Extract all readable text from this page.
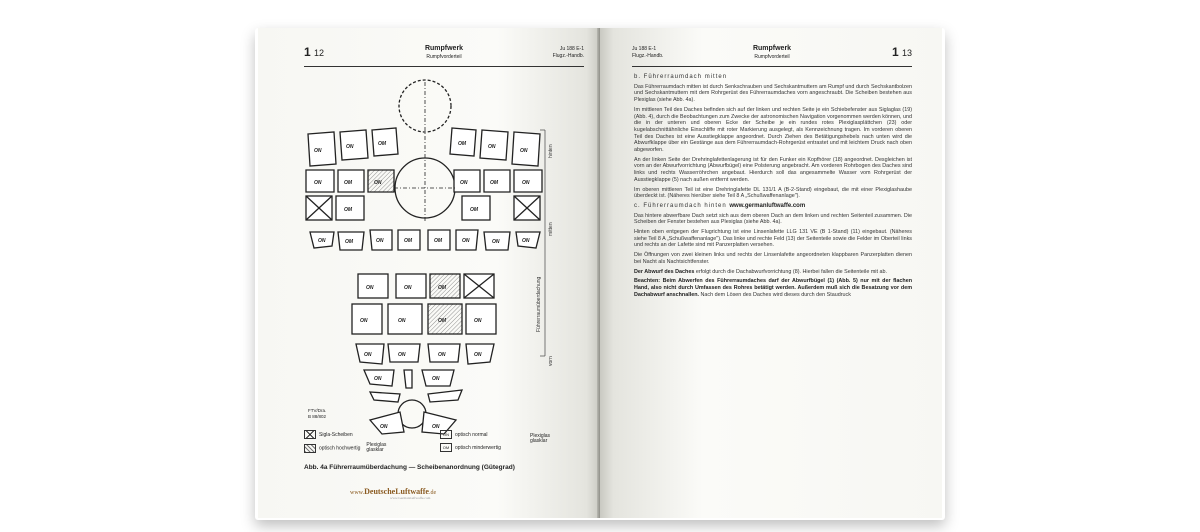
1 12	Rumpfwerk
Rumpfvorderteil
Ju 188 E-1
Flugz.-Handb.
ON
ON	OM	OM	ON
ON
ON	OM	ON	ON	OM	ON
OM	OM
ON	OM	ON	OM	OM	ON	ON	ON
ON	ON	OM
ON	ON	OM	ON
ON	ON	ON	ON
ON	ON
ON	ON
hinten
mitten
Führerraumüberdachung
vorn
FTV/Dra.
B 88/802
Sigla-Scheiben
optisch hochwertigPlexiglas glasklar
ON optisch normal
OM optisch minderwertig
Plexiglas glasklar
Abb. 4a Führerraumüberdachung — Scheibenanordnung (Gütegrad)
www.DeutscheLuftwaffe.de
www.GermanLuftwaffe.com
Ju 188 E-1
Flugz.-Handb.
Rumpfwerk
Rumpfvorderteil	1 13
b. Führerraumdach mitten

Das Führerraumdach mitten ist durch Senkschrauben und Sechskantmuttern am Rumpf und durch Sechskantbolzen und Sechskantmuttern mit dem Rohrgerüst des Führerraumdaches vorn angeschraubt. Die Scheiben bestehen aus Plexiglas (siehe Abb. 4a).

Im mittleren Teil des Daches befinden sich auf der linken und rechten Seite je ein Schiebefenster aus Siglaglas (19) (Abb. 4), durch die Beobachtungen zum Zwecke der astronomischen Navigation vorgenommen werden können, und die in der unteren und oberen Ecke der Scheibe je ein rundes rotes Plexiglasplättchen (23) oder kugelabschnittähnliche Einschliffe mit roter Markierung ausgelegt, als Kennzeichnung tragen. Im vorderen oberen Teil des Daches ist eine Ausstiegklappe angeordnet. Durch Ziehen des Betätigungshebels nach unten wird die Abwurfklappe über ein Gestänge aus dem Führerraumdach-Rohrgerüst entrastet und mit leichtem Druck nach oben abgeworfen.

An der linken Seite der Drehringlafettenlagerung ist für den Funker ein Kopfhörer (18) angeordnet. Desgleichen ist vorn an der Abwurfvorrichtung (Abwurfbügel) eine Polsterung angebracht. Am vorderen Rohrbogen des Daches sind links und rechts Wasserröhrchen angebaut. Hierdurch soll das angesammelte Wasser vom Rohrgerüst der Ausstiegklappe (5) nach außen entfernt werden.

Im oberen mittleren Teil ist eine Drehringlafette DL 131/1 A (B-2-Stand) eingebaut, die mit einer Plexiglashaube überdeckt ist. (Näheres hierüber siehe Teil 8 A „Schußwaffenanlage").

c. Führerraumdach hinten www.germanluftwaffe.com

Das hintere abwerfbare Dach setzt sich aus dem oberen Dach an dem linken und rechten Seitenteil zusammen. Die Scheiben der Fenster bestehen aus Plexiglas (siehe Abb. 4a).

Hinten oben entgegen der Flugrichtung ist eine Linsenlafette LLG 131 VE (B 1-Stand) (11) eingebaut. (Näheres siehe Teil 8 A „Schußwaffenanlage"). Das linke und rechte Feld (13) der Seitenteile sowie die Felder im Oberteil links und rechts an der Lafette sind mit Panzerplatten versehen.

Die Öffnungen von zwei kleinen links und rechts der Linsenlafette angeordneten klappbaren Panzerplatten dienen bei Nacht als Nachtsichtfenster.

Der Abwurf des Daches erfolgt durch die Dachabwurfvorrichtung (8). Hierbei fallen die Seitenteile mit ab.

Beachten: Beim Abwerfen des Führerraumdaches darf der Abwurfbügel (1) (Abb. 5) nur mit der flachen Hand, also nicht durch Umfassen des Rohres betätigt werden. Außerdem muß sich die Besatzung vor dem Dachabwurf anschnallen. Nach dem Lösen des Daches wird dieses durch den Staudruck
